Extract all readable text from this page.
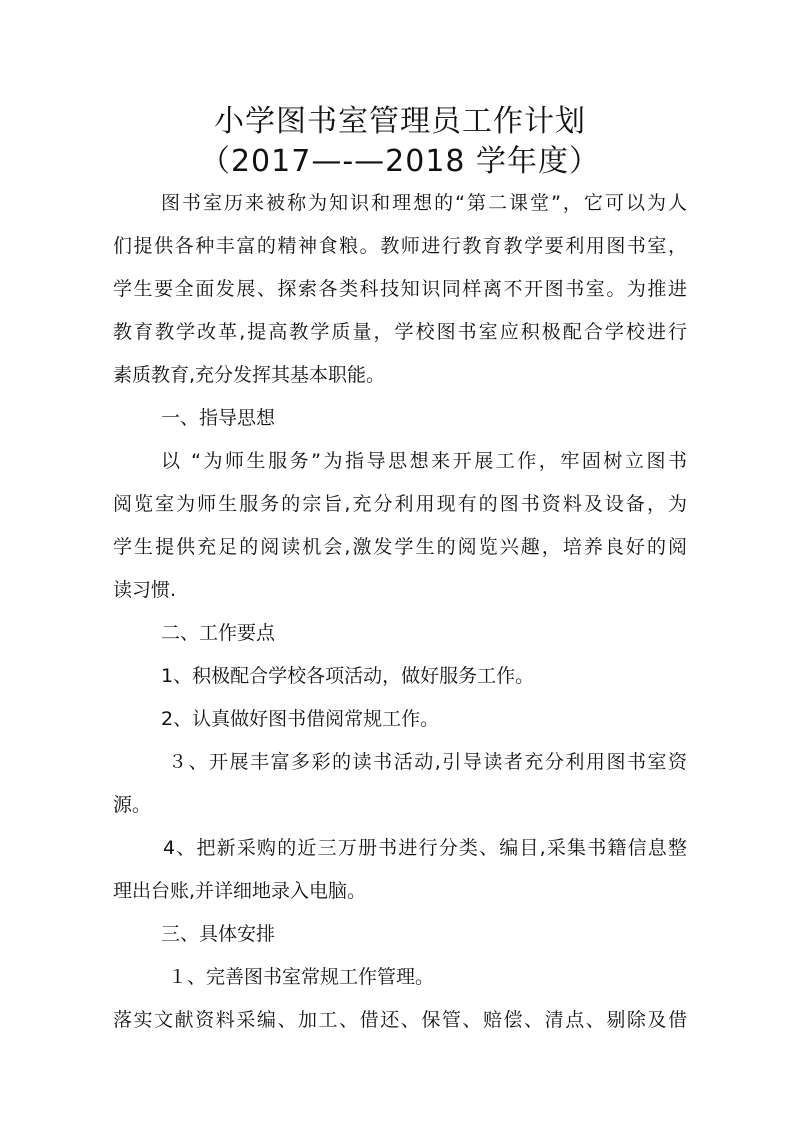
小学图书室管理员工作计划
（2017—-—2018 学年度）
图书室历来被称为知识和理想的“第二课堂”，它可以为人
们提供各种丰富的精神食粮。教师进行教育教学要利用图书室，
学生要全面发展、探索各类科技知识同样离不开图书室。为推进
教育教学改革,提高教学质量，学校图书室应积极配合学校进行
素质教育,充分发挥其基本职能。
一、指导思想
以 “为师生服务”为指导思想来开展工作，牢固树立图书
阅览室为师生服务的宗旨,充分利用现有的图书资料及设备，为
学生提供充足的阅读机会,激发学生的阅览兴趣，培养良好的阅
读习惯.
二、工作要点
1、积极配合学校各项活动，做好服务工作。
2、认真做好图书借阅常规工作。
３、开展丰富多彩的读书活动,引导读者充分利用图书室资
源。
4、把新采购的近三万册书进行分类、编目,采集书籍信息整
理出台账,并详细地录入电脑。
三、具体安排
１、完善图书室常规工作管理。
落实文献资料采编、加工、借还、保管、赔偿、清点、剔除及借
